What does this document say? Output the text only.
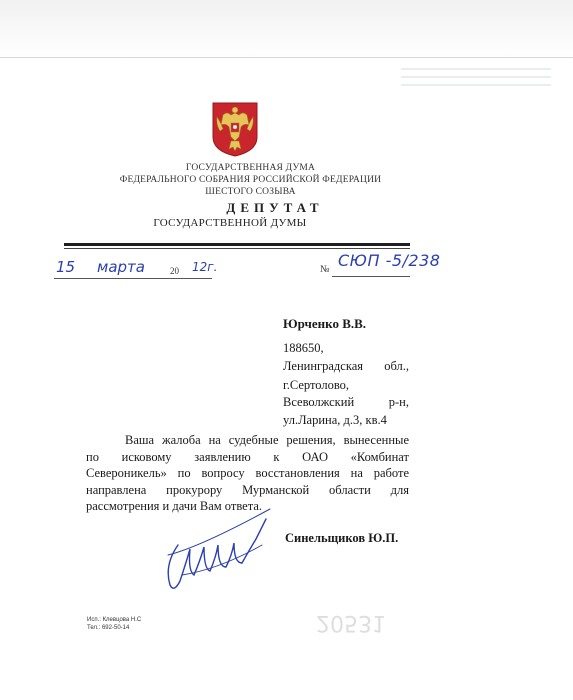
ГОСУДАРСТВЕННАЯ ДУМА
ФЕДЕРАЛЬНОГО СОБРАНИЯ РОССИЙСКОЙ ФЕДЕРАЦИИ
ШЕСТОГО СОЗЫВА
ДЕПУТАТ
ГОСУДАРСТВЕННОЙ ДУМЫ
15 марта	20 12г.	№ СЮП -5/238
Юрченко В.В.
188650,
Ленинградская обл.,
г.Сертолово,
Всеволжский р-н,
ул.Ларина, д.3, кв.4

Ваша жалоба на судебные решения, вынесенные

по исковому заявлению к ОАО «Комбинат

Североникель» по вопросу восстановления на работе

направлена прокурору Мурманской области для

рассмотрения и дачи Вам ответа.

Синельщиков Ю.П.
Исп.: Клевцова Н.С
Тел.: 692-50-14	20531
